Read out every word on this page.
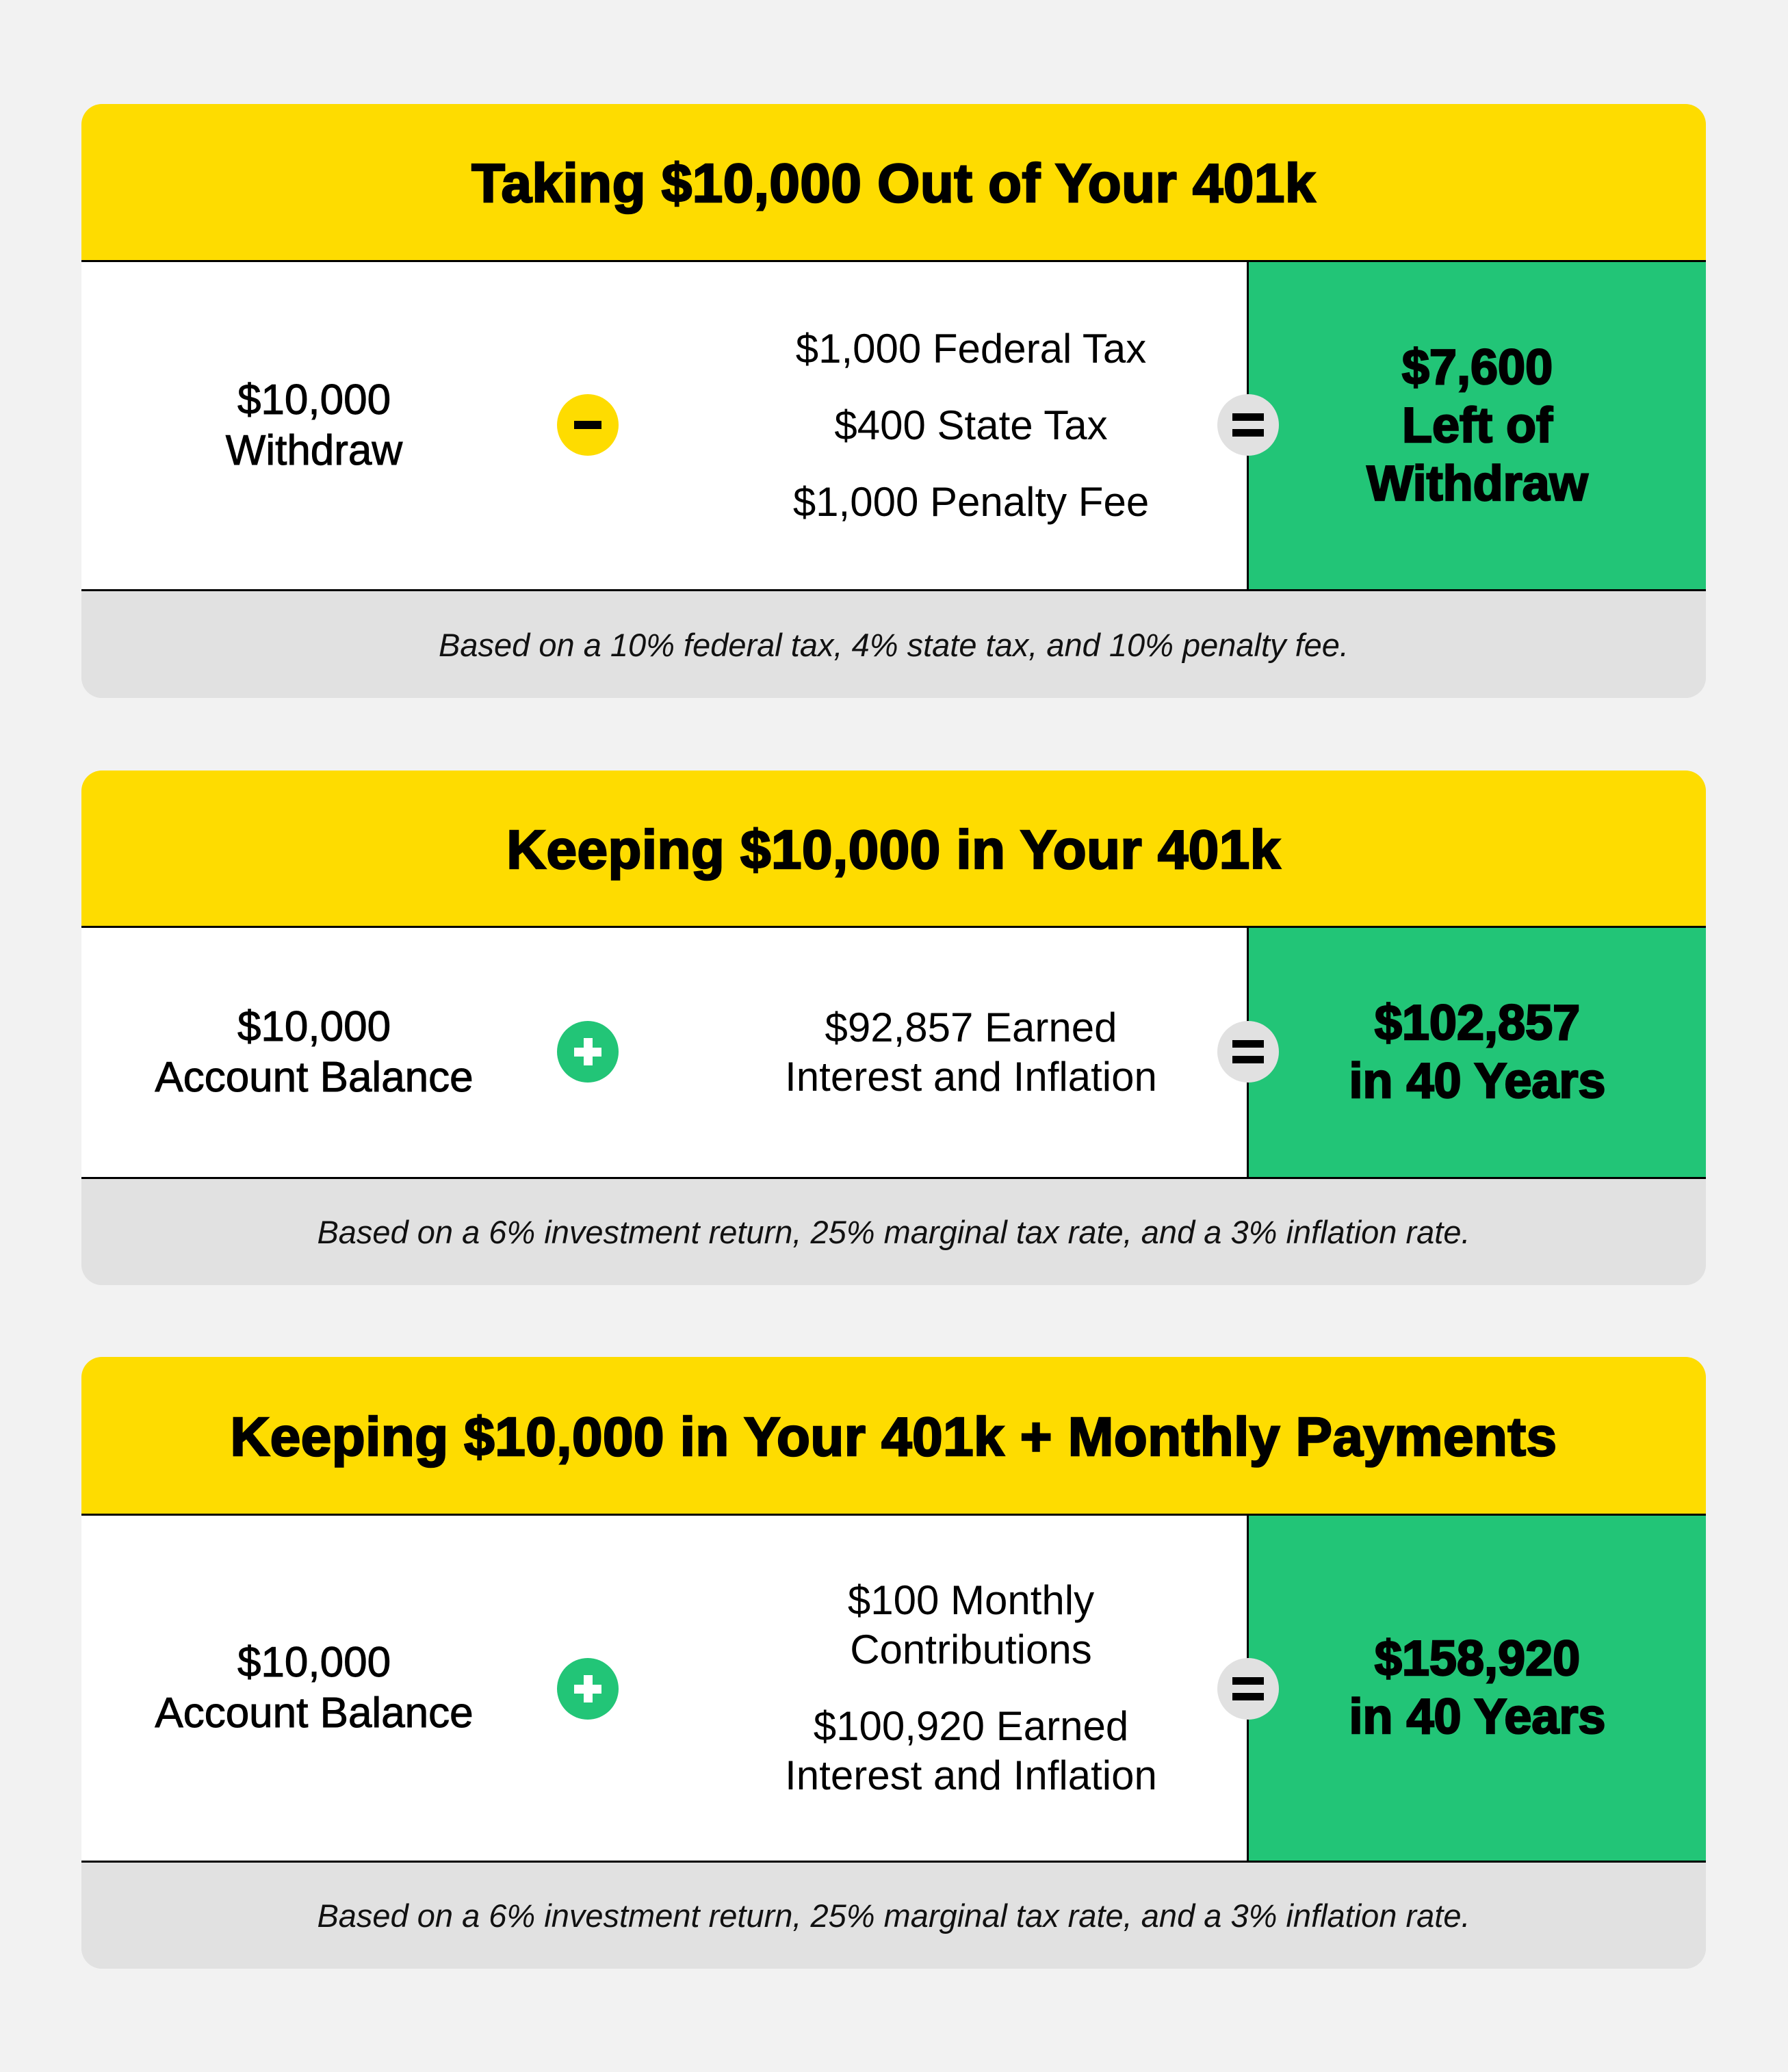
Taking $10,000 Out of Your 401k
$10,000
Withdraw
$1,000 Federal Tax
$400 State Tax
$1,000 Penalty Fee
$7,600
Left of
Withdraw
Based on a 10% federal tax, 4% state tax, and 10% penalty fee.
Keeping $10,000 in Your 401k
$10,000
Account Balance
$92,857 Earned
Interest and Inflation
$102,857
in 40 Years
Based on a 6% investment return, 25% marginal tax rate, and a 3% inflation rate.
Keeping $10,000 in Your 401k + Monthly Payments
$10,000
Account Balance
$100 Monthly
Contributions
$100,920 Earned
Interest and Inflation
$158,920
in 40 Years
Based on a 6% investment return, 25% marginal tax rate, and a 3% inflation rate.
